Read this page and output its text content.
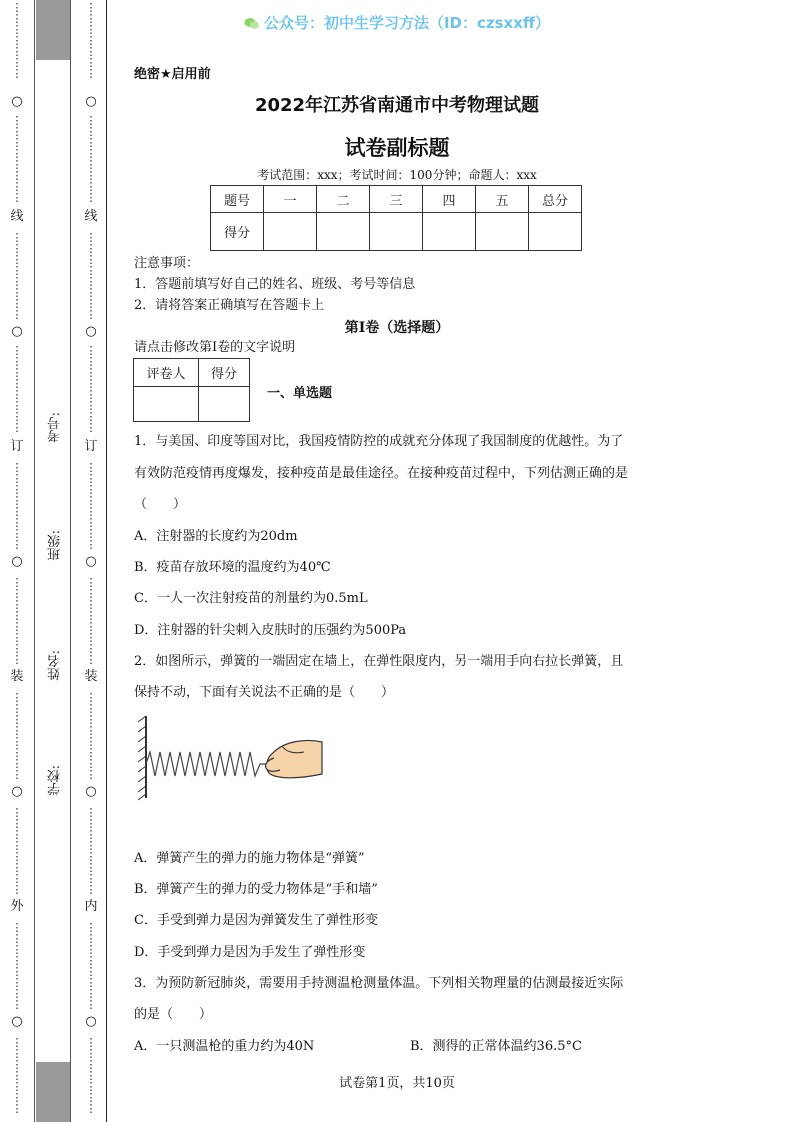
公众号：初中生学习方法（ID：czsxxff）
⋮
⋮
⋮
⋮
⋮
⋮
⋮
○
⋮
⋮
⋮
⋮
⋮
⋮
⋮
⋮
线
⋮
⋮
⋮
⋮
⋮
⋮
⋮
⋮
○
⋮
⋮
⋮
⋮
⋮
⋮
⋮
⋮
订
⋮
⋮
⋮
⋮
⋮
⋮
⋮
⋮
○
⋮
⋮
⋮
⋮
⋮
⋮
⋮
⋮
装
⋮
⋮
⋮
⋮
⋮
⋮
⋮
⋮
○
⋮
⋮
⋮
⋮
⋮
⋮
⋮
⋮
外
⋮
⋮
⋮
⋮
⋮
⋮
⋮
⋮
○
⋮
⋮
⋮
⋮
⋮
⋮
⋮
⋮
⋮
⋮
⋮
⋮
⋮
⋮
○
⋮
⋮
⋮
⋮
⋮
⋮
⋮
⋮
线
⋮
⋮
⋮
⋮
⋮
⋮
⋮
⋮
○
⋮
⋮
⋮
⋮
⋮
⋮
⋮
⋮
订
⋮
⋮
⋮
⋮
⋮
⋮
⋮
⋮
○
⋮
⋮
⋮
⋮
⋮
⋮
⋮
⋮
装
⋮
⋮
⋮
⋮
⋮
⋮
⋮
⋮
○
⋮
⋮
⋮
⋮
⋮
⋮
⋮
⋮
内
⋮
⋮
⋮
⋮
⋮
⋮
⋮
⋮
○
⋮
⋮
⋮
⋮
⋮
⋮
⋮
考号:
班级:
姓名:
学校:
绝密★启用前
2022年江苏省南通市中考物理试题
试卷副标题
考试范围：xxx；考试时间：100分钟；命题人：xxx
题号	一	二	三	四	五	总分
得分						
注意事项：
1．答题前填写好自己的姓名、班级、考号等信息
2．请将答案正确填写在答题卡上
第I卷（选择题）
请点击修改第I卷的文字说明
评卷人	得分

一、单选题
1．与美国、印度等国对比，我国疫情防控的成就充分体现了我国制度的优越性。为了
有效防范疫情再度爆发，接种疫苗是最佳途径。在接种疫苗过程中，下列估测正确的是
（　　）
A．注射器的长度约为20dm
B．疫苗存放环境的温度约为40℃
C．一人一次注射疫苗的剂量约为0.5mL
D．注射器的针尖刺入皮肤时的压强约为500Pa
2．如图所示，弹簧的一端固定在墙上，在弹性限度内，另一端用手向右拉长弹簧，且
保持不动，下面有关说法不正确的是（　　）
A．弹簧产生的弹力的施力物体是“弹簧”
B．弹簧产生的弹力的受力物体是“手和墙”
C．手受到弹力是因为弹簧发生了弹性形变
D．手受到弹力是因为手发生了弹性形变
3．为预防新冠肺炎，需要用手持测温枪测量体温。下列相关物理量的估测最接近实际
的是（　　）
A．一只测温枪的重力约为40N	B．测得的正常体温约36.5°C
试卷第1页，共10页
